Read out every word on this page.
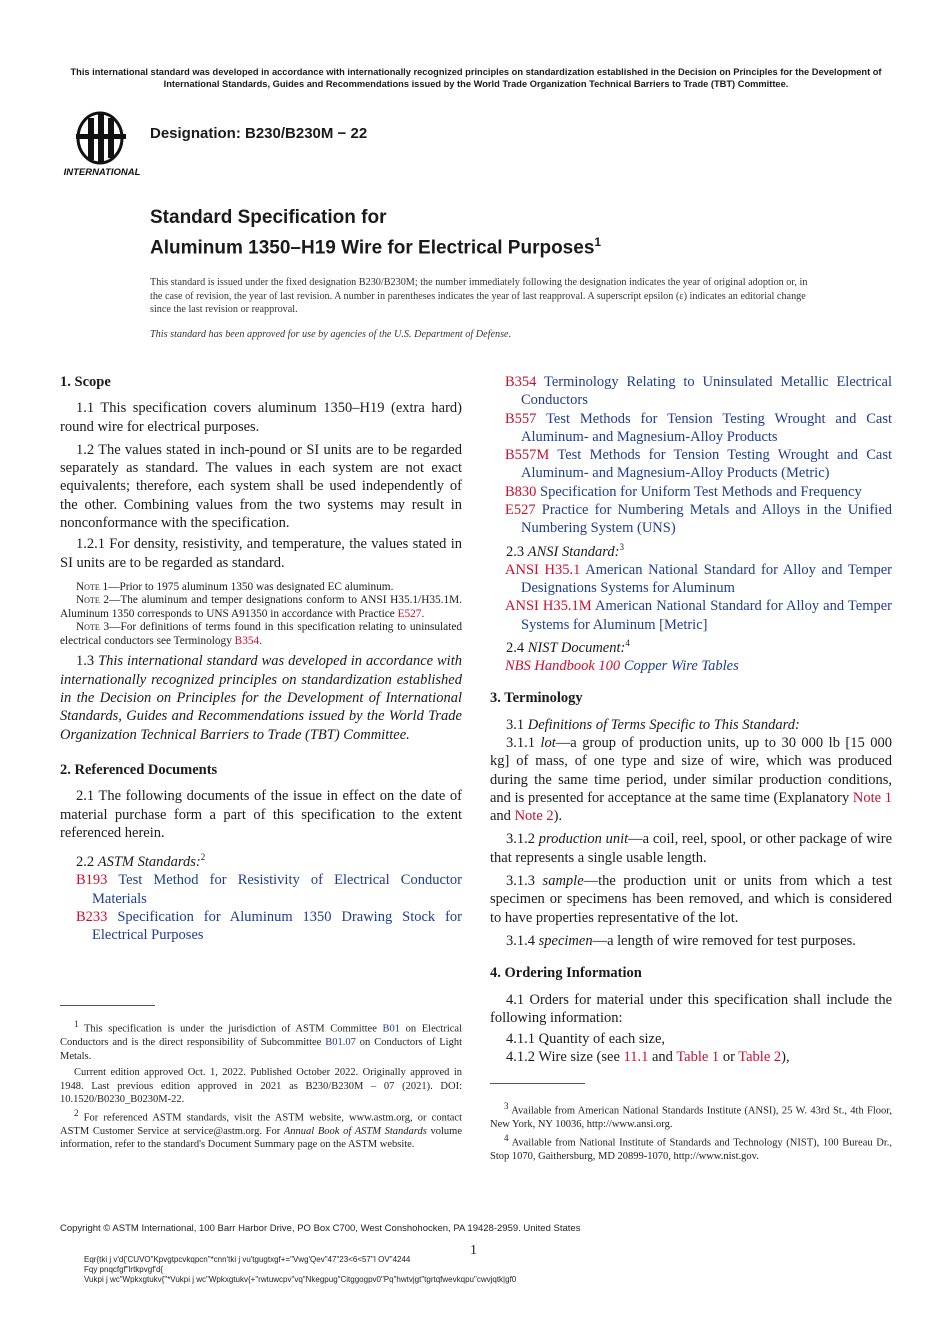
This international standard was developed in accordance with internationally recognized principles on standardization established in the Decision on Principles for the Development of International Standards, Guides and Recommendations issued by the World Trade Organization Technical Barriers to Trade (TBT) Committee.

INTERNATIONAL
Designation: B230/B230M − 22
Standard Specification for
Aluminum 1350–H19 Wire for Electrical Purposes$^1$

This standard is issued under the fixed designation B230/B230M; the number immediately following the designation indicates the year of original adoption or, in the case of revision, the year of last revision. A number in parentheses indicates the year of last reapproval. A superscript epsilon (ε) indicates an editorial change since the last revision or reapproval.

This standard has been approved for use by agencies of the U.S. Department of Defense.

1. Scope

1.1 This specification covers aluminum 1350–H19 (extra hard) round wire for electrical purposes.

1.2 The values stated in inch-pound or SI units are to be regarded separately as standard. The values in each system are not exact equivalents; therefore, each system shall be used independently of the other. Combining values from the two systems may result in nonconformance with the specification.

1.2.1 For density, resistivity, and temperature, the values stated in SI units are to be regarded as standard.

Note 1—Prior to 1975 aluminum 1350 was designated EC aluminum.

Note 2—The aluminum and temper designations conform to ANSI H35.1/H35.1M. Aluminum 1350 corresponds to UNS A91350 in accordance with Practice E527.

Note 3—For definitions of terms found in this specification relating to uninsulated electrical conductors see Terminology B354.

1.3 This international standard was developed in accordance with internationally recognized principles on standardization established in the Decision on Principles for the Development of International Standards, Guides and Recommendations issued by the World Trade Organization Technical Barriers to Trade (TBT) Committee.

2. Referenced Documents

2.1 The following documents of the issue in effect on the date of material purchase form a part of this specification to the extent referenced herein.

2.2 ASTM Standards:$^2$

B193 Test Method for Resistivity of Electrical Conductor Materials

B233 Specification for Aluminum 1350 Drawing Stock for Electrical Purposes

$^1$ This specification is under the jurisdiction of ASTM Committee B01 on Electrical Conductors and is the direct responsibility of Subcommittee B01.07 on Conductors of Light Metals.

Current edition approved Oct. 1, 2022. Published October 2022. Originally approved in 1948. Last previous edition approved in 2021 as B230/B230M – 07 (2021). DOI: 10.1520/B0230_B0230M-22.

$^2$ For referenced ASTM standards, visit the ASTM website, www.astm.org, or contact ASTM Customer Service at service@astm.org. For Annual Book of ASTM Standards volume information, refer to the standard's Document Summary page on the ASTM website.

B354 Terminology Relating to Uninsulated Metallic Electrical Conductors

B557 Test Methods for Tension Testing Wrought and Cast Aluminum- and Magnesium-Alloy Products

B557M Test Methods for Tension Testing Wrought and Cast Aluminum- and Magnesium-Alloy Products (Metric)

B830 Specification for Uniform Test Methods and Frequency

E527 Practice for Numbering Metals and Alloys in the Unified Numbering System (UNS)

2.3 ANSI Standard:$^3$

ANSI H35.1 American National Standard for Alloy and Temper Designations Systems for Aluminum

ANSI H35.1M American National Standard for Alloy and Temper Systems for Aluminum [Metric]

2.4 NIST Document:$^4$

NBS Handbook 100 Copper Wire Tables

3. Terminology

3.1 Definitions of Terms Specific to This Standard:

3.1.1 lot—a group of production units, up to 30 000 lb [15 000 kg] of mass, of one type and size of wire, which was produced during the same time period, under similar production conditions, and is presented for acceptance at the same time (Explanatory Note 1 and Note 2).

3.1.2 production unit—a coil, reel, spool, or other package of wire that represents a single usable length.

3.1.3 sample—the production unit or units from which a test specimen or specimens has been removed, and which is considered to have properties representative of the lot.

3.1.4 specimen—a length of wire removed for test purposes.

4. Ordering Information

4.1 Orders for material under this specification shall include the following information:

4.1.1 Quantity of each size,

4.1.2 Wire size (see 11.1 and Table 1 or Table 2),

$^3$ Available from American National Standards Institute (ANSI), 25 W. 43rd St., 4th Floor, New York, NY 10036, http://www.ansi.org.

$^4$ Available from National Institute of Standards and Technology (NIST), 100 Bureau Dr., Stop 1070, Gaithersburg, MD 20899-1070, http://www.nist.gov.

Copyright © ASTM International, 100 Barr Harbor Drive, PO Box C700, West Conshohocken, PA 19428-2959. United States
1
Eqr{tki j v'd{'CUVO"Kpvgtpcvkqpcn"*cnn'tki j vu'tgugtxgf+="Vwg'Qev"47"23<6<57"I OV"4244
Fqy pnqcfgf"lrtkpvgf'd{
Vukpi j wc"Wpkxgtukv{"*Vukpi j wc"Wpkxgtukv{+"rwtuwcpv"vq"Nkegpug"Citggogpv0"Pq"hwtvjgt"tgrtqfwevkqpu"cwvjqtk|gf0
